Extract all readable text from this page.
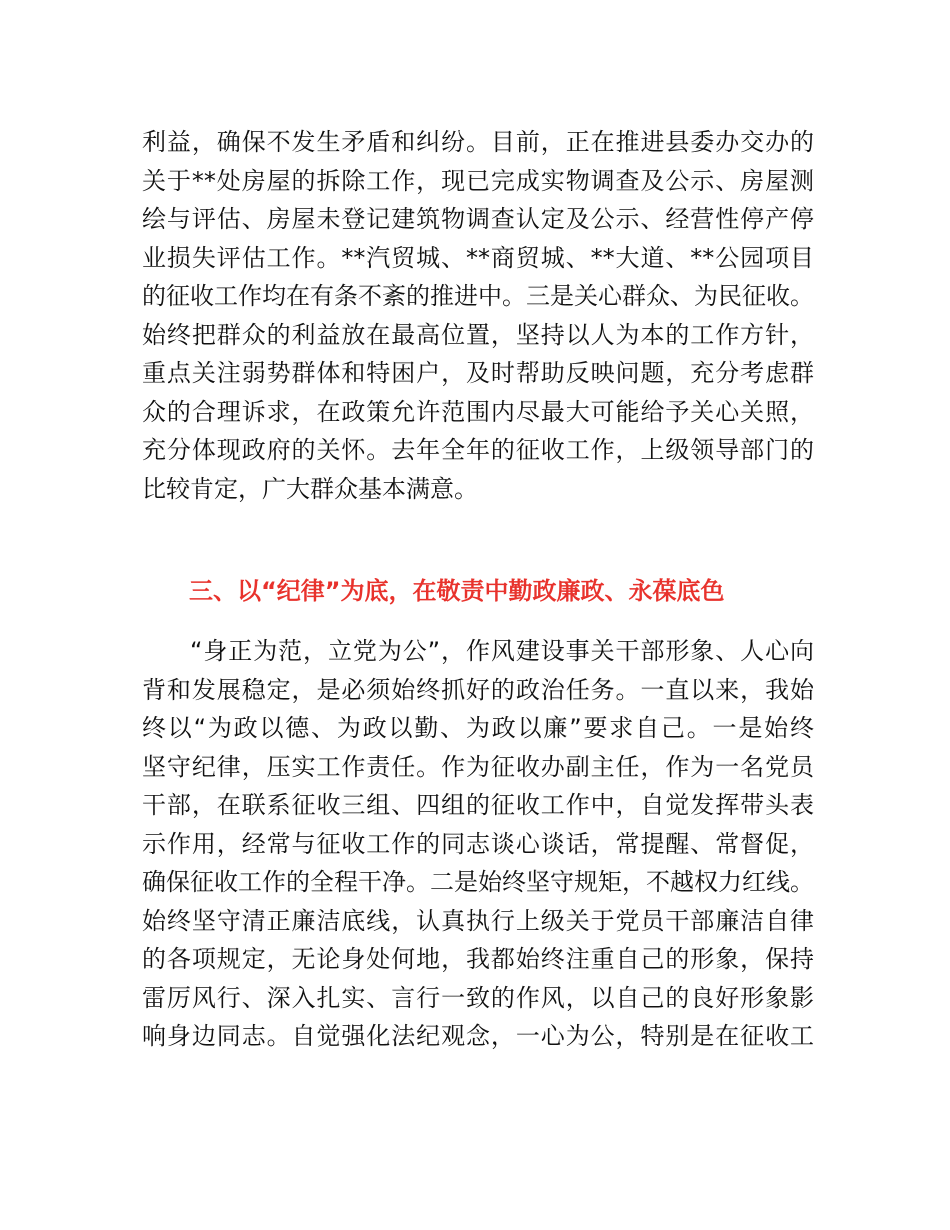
利益，确保不发生矛盾和纠纷。目前，正在推进县委办交办的
关于**处房屋的拆除工作，现已完成实物调查及公示、房屋测
绘与评估、房屋未登记建筑物调查认定及公示、经营性停产停
业损失评估工作。**汽贸城、**商贸城、**大道、**公园项目
的征收工作均在有条不紊的推进中。三是关心群众、为民征收。
始终把群众的利益放在最高位置，坚持以人为本的工作方针，
重点关注弱势群体和特困户，及时帮助反映问题，充分考虑群
众的合理诉求，在政策允许范围内尽最大可能给予关心关照，
充分体现政府的关怀。去年全年的征收工作，上级领导部门的
比较肯定，广大群众基本满意。
三、以“纪律”为底，在敬责中勤政廉政、永葆底色
“身正为范，立党为公”，作风建设事关干部形象、人心向
背和发展稳定，是必须始终抓好的政治任务。一直以来，我始
终以“为政以德、为政以勤、为政以廉”要求自己。一是始终
坚守纪律，压实工作责任。作为征收办副主任，作为一名党员
干部，在联系征收三组、四组的征收工作中，自觉发挥带头表
示作用，经常与征收工作的同志谈心谈话，常提醒、常督促，
确保征收工作的全程干净。二是始终坚守规矩，不越权力红线。
始终坚守清正廉洁底线，认真执行上级关于党员干部廉洁自律
的各项规定，无论身处何地，我都始终注重自己的形象，保持
雷厉风行、深入扎实、言行一致的作风，以自己的良好形象影
响身边同志。自觉强化法纪观念，一心为公，特别是在征收工
